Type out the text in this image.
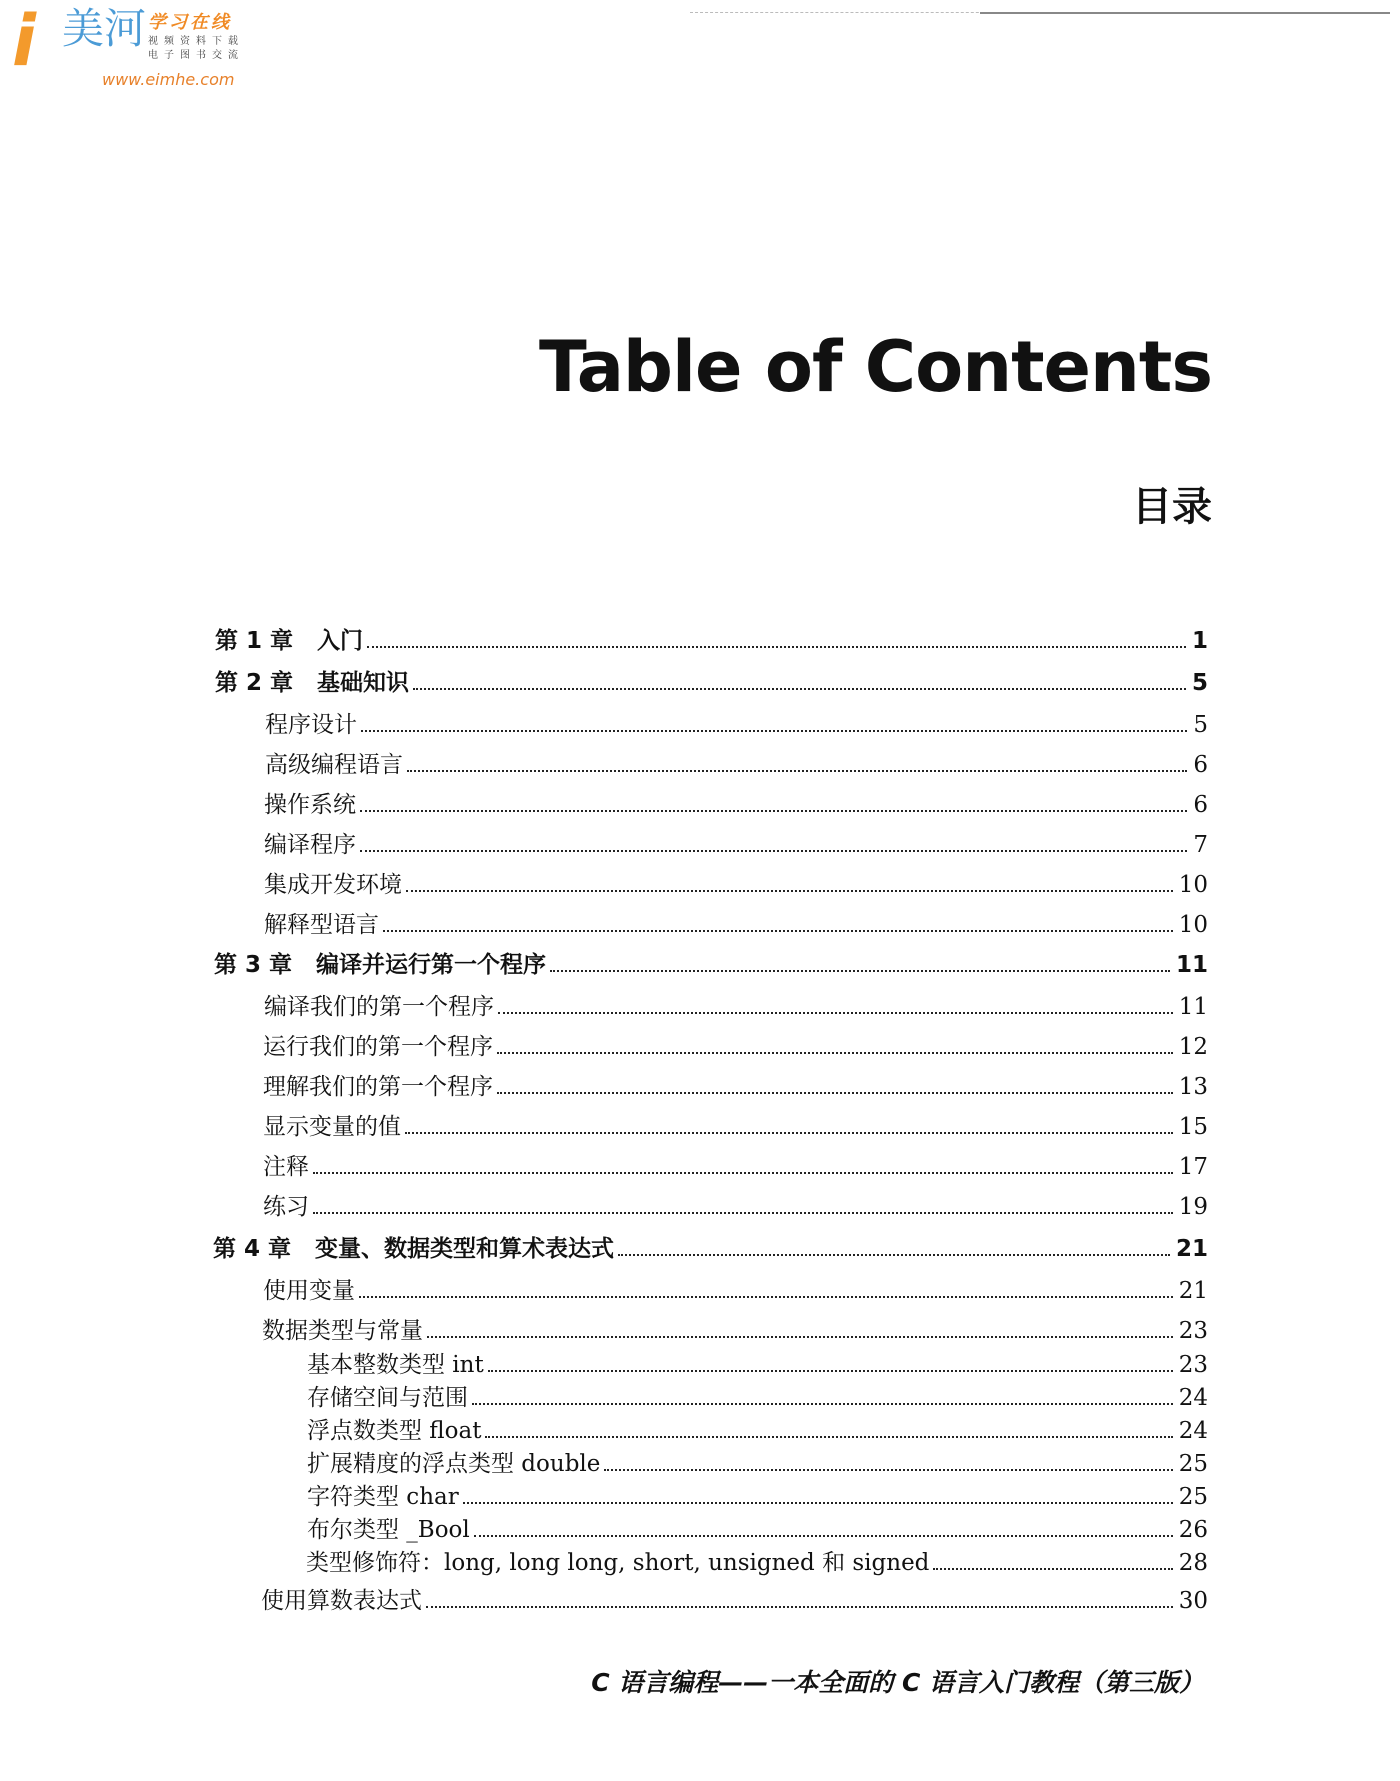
i 美河 学习在线
视频资料下载
电子图书交流
www.eimhe.com
Table of Contents
目录
第 1 章	入门	1
第 2 章	基础知识	5
程序设计	5
高级编程语言	6
操作系统	6
编译程序	7
集成开发环境	10
解释型语言	10
第 3 章	编译并运行第一个程序	11
编译我们的第一个程序	11
运行我们的第一个程序	12
理解我们的第一个程序	13
显示变量的值	15
注释	17
练习	19
第 4 章	变量、数据类型和算术表达式	21
使用变量	21
数据类型与常量	23
基本整数类型 int	23
存储空间与范围	24
浮点数类型 float	24
扩展精度的浮点类型 double	25
字符类型 char	25
布尔类型 _Bool	26
类型修饰符：long, long long, short, unsigned 和 signed	28
使用算数表达式	30

C 语言编程——一本全面的 C 语言入门教程（第三版）
